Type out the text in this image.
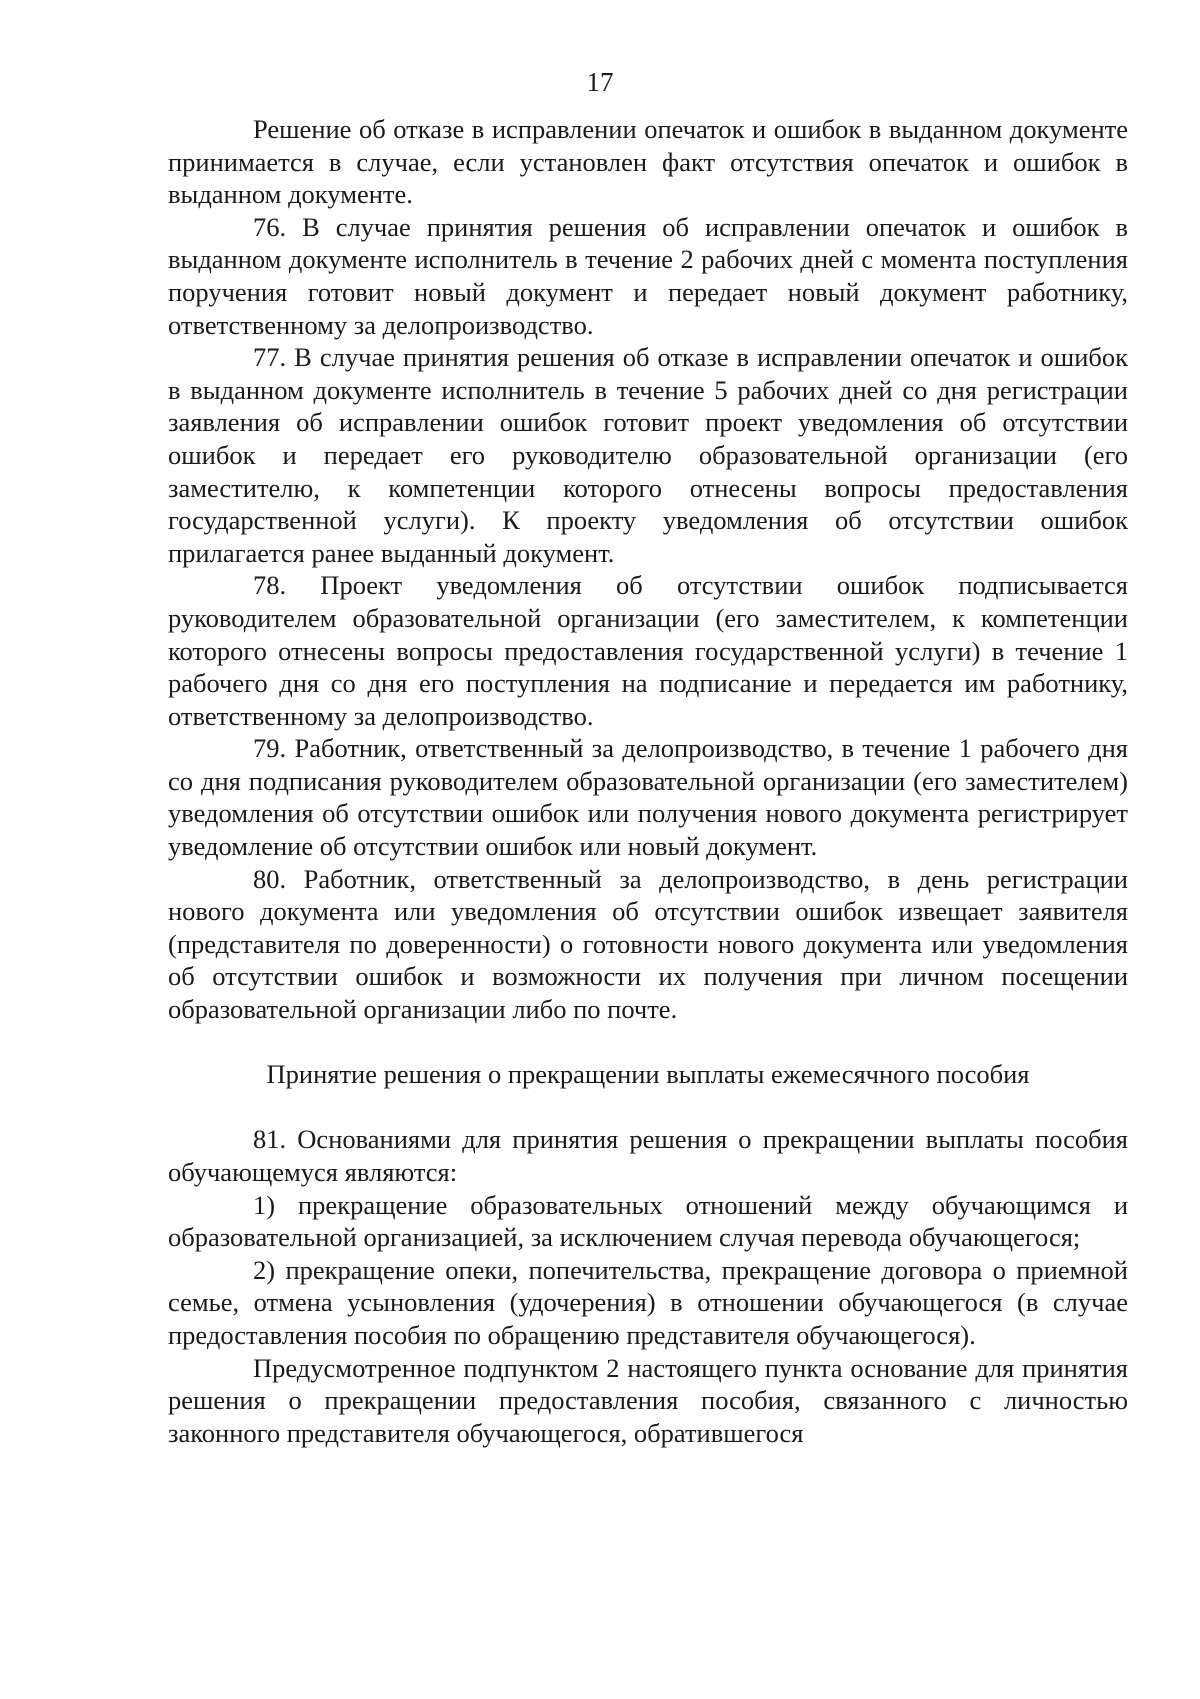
17

Решение об отказе в исправлении опечаток и ошибок в выданном документе принимается в случае, если установлен факт отсутствия опечаток и ошибок в выданном документе.

76. В случае принятия решения об исправлении опечаток и ошибок в выданном документе исполнитель в течение 2 рабочих дней с момента поступления поручения готовит новый документ и передает новый документ работнику, ответственному за делопроизводство.

77. В случае принятия решения об отказе в исправлении опечаток и ошибок в выданном документе исполнитель в течение 5 рабочих дней со дня регистрации заявления об исправлении ошибок готовит проект уведомления об отсутствии ошибок и передает его руководителю образовательной организации (его заместителю, к компетенции которого отнесены вопросы предоставления государственной услуги). К проекту уведомления об отсутствии ошибок прилагается ранее выданный документ.

78. Проект уведомления об отсутствии ошибок подписывается руководителем образовательной организации (его заместителем, к компетенции которого отнесены вопросы предоставления государственной услуги) в течение 1 рабочего дня со дня его поступления на подписание и передается им работнику, ответственному за делопроизводство.

79. Работник, ответственный за делопроизводство, в течение 1 рабочего дня со дня подписания руководителем образовательной организации (его заместителем) уведомления об отсутствии ошибок или получения нового документа регистрирует уведомление об отсутствии ошибок или новый документ.

80. Работник, ответственный за делопроизводство, в день регистрации нового документа или уведомления об отсутствии ошибок извещает заявителя (представителя по доверенности) о готовности нового документа или уведомления об отсутствии ошибок и возможности их получения при личном посещении образовательной организации либо по почте.

Принятие решения о прекращении выплаты ежемесячного пособия

81. Основаниями для принятия решения о прекращении выплаты пособия обучающемуся являются:

1) прекращение образовательных отношений между обучающимся и образовательной организацией, за исключением случая перевода обучающегося;

2) прекращение опеки, попечительства, прекращение договора о приемной семье, отмена усыновления (удочерения) в отношении обучающегося (в случае предоставления пособия по обращению представителя обучающегося).

Предусмотренное подпунктом 2 настоящего пункта основание для принятия решения о прекращении предоставления пособия, связанного с личностью законного представителя обучающегося, обратившегося
